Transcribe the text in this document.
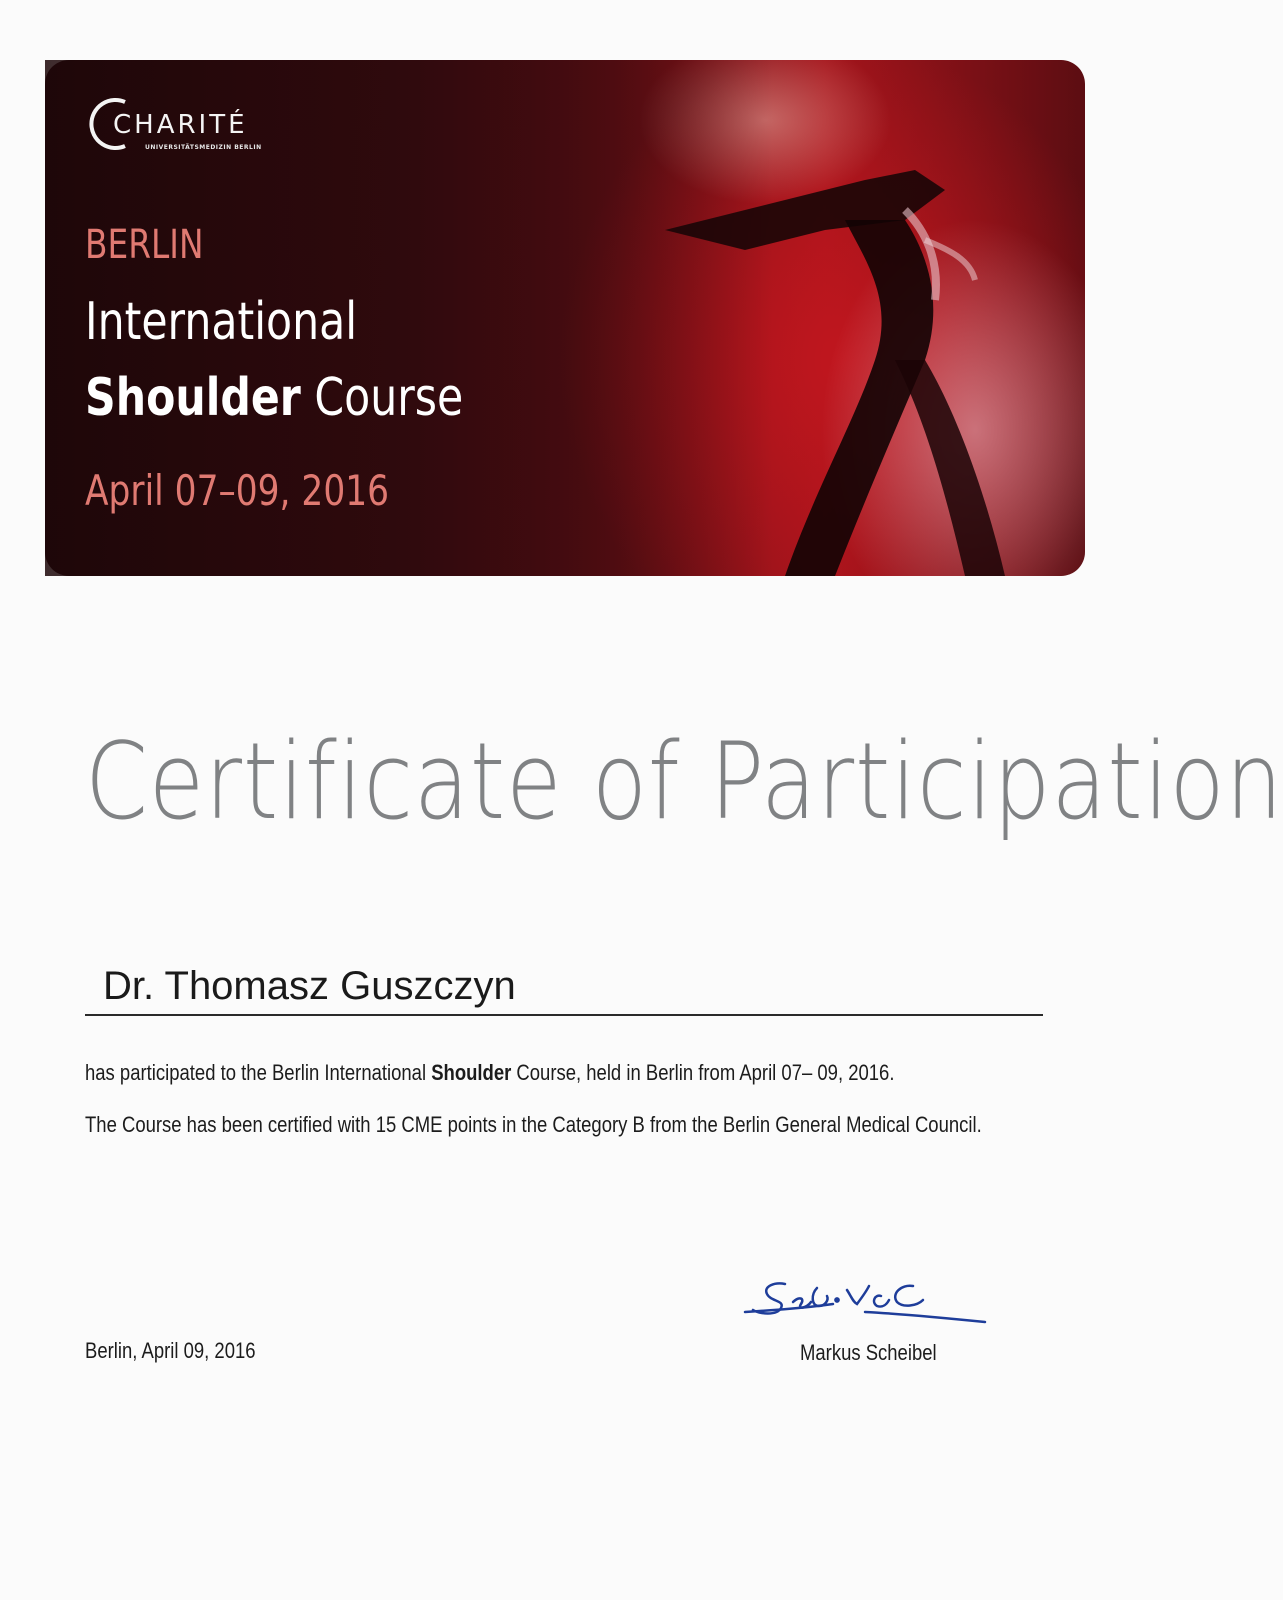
CHARITÉ
UNIVERSITÄTSMEDIZIN BERLIN
BERLIN
International
Shoulder Course
April 07–09, 2016
Certificate of Participation
Dr. Thomasz Guszczyn
has participated to the Berlin International Shoulder Course, held in Berlin from April 07– 09, 2016.
The Course has been certified with 15 CME points in the Category B from the Berlin General Medical Council.
Berlin, April 09, 2016	Markus Scheibel
